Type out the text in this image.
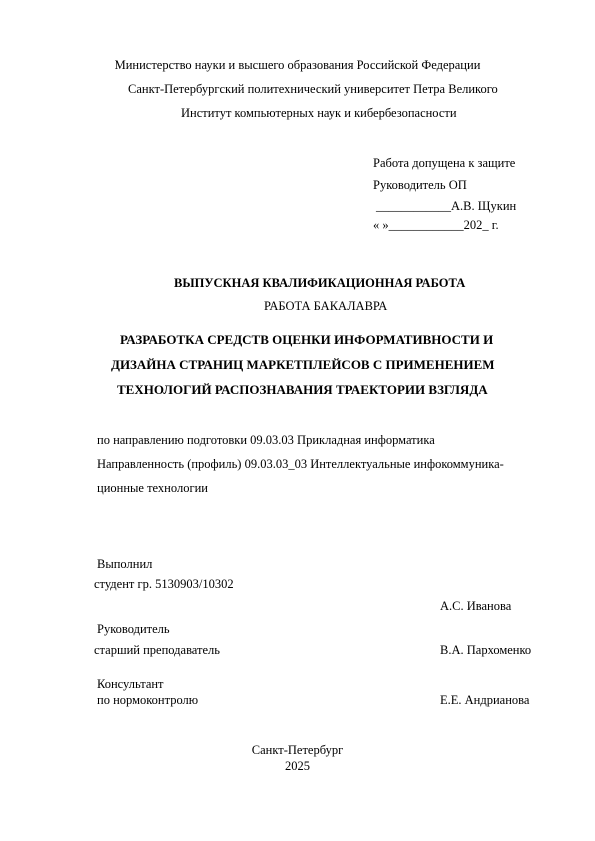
Министерство науки и высшего образования Российской Федерации
Санкт-Петербургский политехнический университет Петра Великого
Институт компьютерных наук и кибербезопасности
Работа допущена к защите
Руководитель ОП
____________А.В. Щукин
« »____________202_ г.
ВЫПУСКНАЯ КВАЛИФИКАЦИОННАЯ РАБОТА
РАБОТА БАКАЛАВРА
РАЗРАБОТКА СРЕДСТВ ОЦЕНКИ ИНФОРМАТИВНОСТИ И
ДИЗАЙНА СТРАНИЦ МАРКЕТПЛЕЙСОВ С ПРИМЕНЕНИЕМ
ТЕХНОЛОГИЙ РАСПОЗНАВАНИЯ ТРАЕКТОРИИ ВЗГЛЯДА
по направлению подготовки 09.03.03 Прикладная информатика
Направленность (профиль) 09.03.03_03 Интеллектуальные инфокоммуника-
ционные технологии
Выполнил
студент гр. 5130903/10302
А.С. Иванова
Руководитель
старший преподаватель	В.А. Пархоменко
Консультант
по нормоконтролю	Е.Е. Андрианова
Санкт-Петербург
2025
